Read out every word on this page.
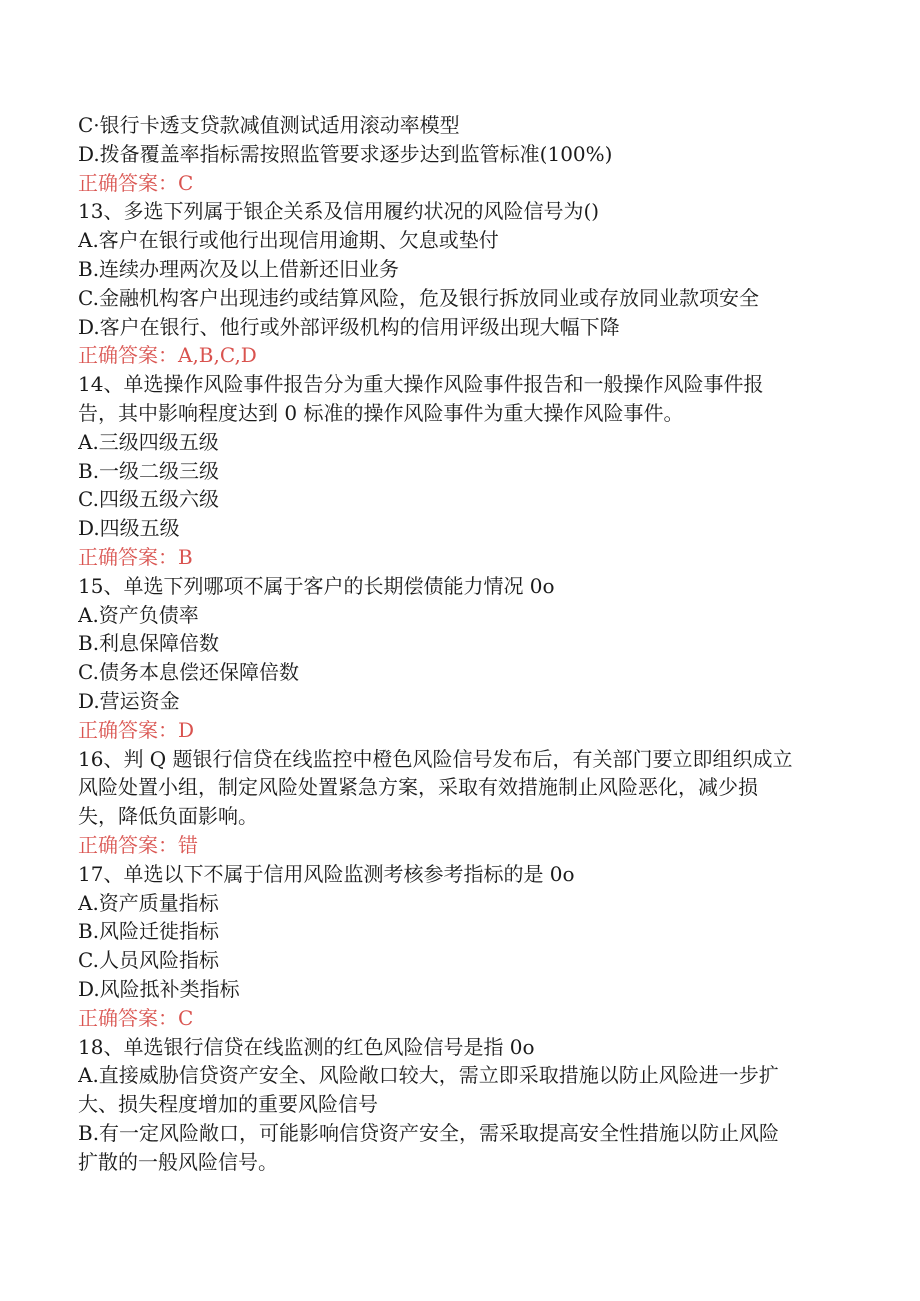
C·银行卡透支贷款减值测试适用滚动率模型
D.拨备覆盖率指标需按照监管要求逐步达到监管标准(100%)
正确答案：C
13、多选下列属于银企关系及信用履约状况的风险信号为()
A.客户在银行或他行出现信用逾期、欠息或垫付
B.连续办理两次及以上借新还旧业务
C.金融机构客户出现违约或结算风险，危及银行拆放同业或存放同业款项安全
D.客户在银行、他行或外部评级机构的信用评级出现大幅下降
正确答案：A,B,C,D
14、单选操作风险事件报告分为重大操作风险事件报告和一般操作风险事件报
告，其中影响程度达到 0 标准的操作风险事件为重大操作风险事件。
A.三级四级五级
B.一级二级三级
C.四级五级六级
D.四级五级
正确答案：B
15、单选下列哪项不属于客户的长期偿债能力情况 0o
A.资产负债率
B.利息保障倍数
C.债务本息偿还保障倍数
D.营运资金
正确答案：D
16、判 Q 题银行信贷在线监控中橙色风险信号发布后，有关部门要立即组织成立
风险处置小组，制定风险处置紧急方案，采取有效措施制止风险恶化，减少损
失，降低负面影响。
正确答案：错
17、单选以下不属于信用风险监测考核参考指标的是 0o
A.资产质量指标
B.风险迁徙指标
C.人员风险指标
D.风险抵补类指标
正确答案：C
18、单选银行信贷在线监测的红色风险信号是指 0o
A.直接威胁信贷资产安全、风险敞口较大，需立即采取措施以防止风险进一步扩
大、损失程度增加的重要风险信号
B.有一定风险敞口，可能影响信贷资产安全，需采取提高安全性措施以防止风险
扩散的一般风险信号。
